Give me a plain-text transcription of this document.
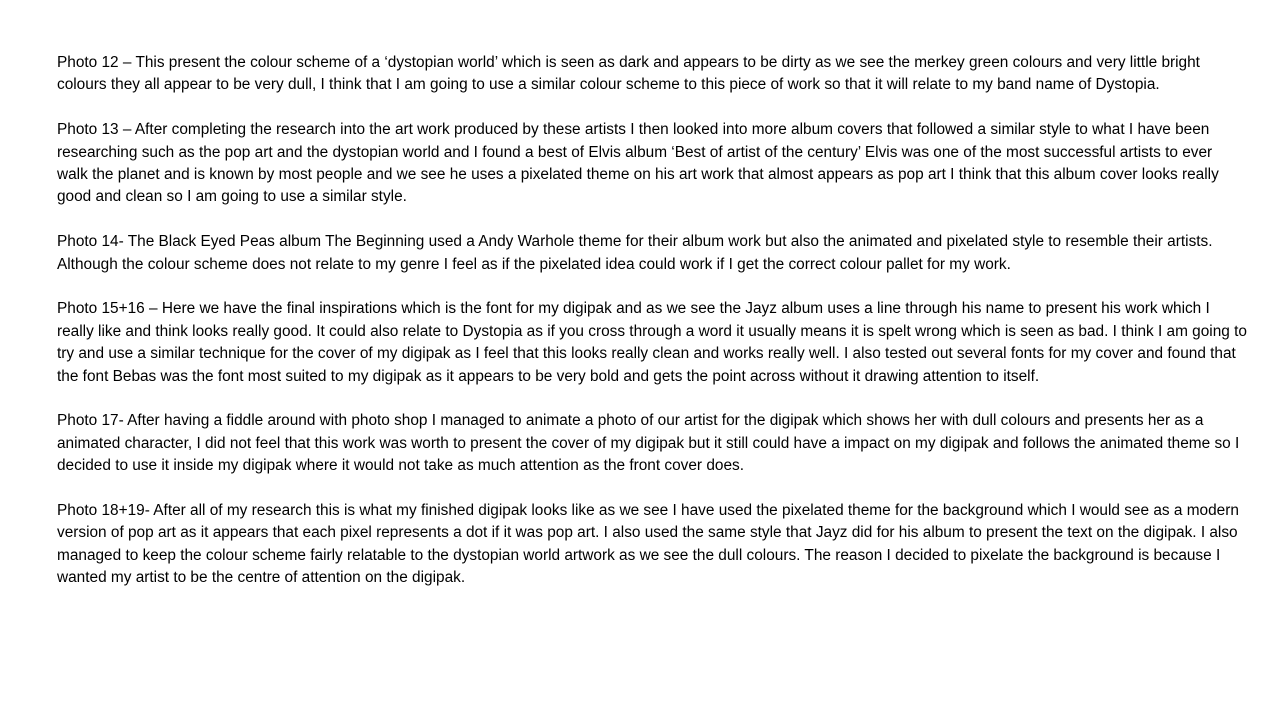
Photo 12 – This present the colour scheme of a ‘dystopian world’ which is seen as dark and appears to be dirty as we see the merkey green colours and very little bright colours they all appear to be very dull, I think that I am going to use a similar colour scheme to this piece of work so that it will relate to my band name of Dystopia.

Photo 13 – After completing the research into the art work produced by these artists I then looked into more album covers that followed a similar style to what I have been researching such as the pop art and the dystopian world and I found a best of Elvis album ‘Best of artist of the century’ Elvis was one of the most successful artists to ever walk the planet and is known by most people and we see he uses a pixelated theme on his art work that almost appears as pop art I think that this album cover looks really good and clean so I am going to use a similar style.

Photo 14- The Black Eyed Peas album The Beginning used a Andy Warhole theme for their album work but also the animated and pixelated style to resemble their artists. Although the colour scheme does not relate to my genre I feel as if the pixelated idea could work if I get the correct colour pallet for my work.

Photo 15+16 – Here we have the final inspirations which is the font for my digipak and as we see the Jayz album uses a line through his name to present his work which I really like and think looks really good. It could also relate to Dystopia as if you cross through a word it usually means it is spelt wrong which is seen as bad. I think I am going to try and use a similar technique for the cover of my digipak as I feel that this looks really clean and works really well. I also tested out several fonts for my cover and found that the font Bebas was the font most suited to my digipak as it appears to be very bold and gets the point across without it drawing attention to itself.

Photo 17- After having a fiddle around with photo shop I managed to animate a photo of our artist for the digipak which shows her with dull colours and presents her as a animated character, I did not feel that this work was worth to present the cover of my digipak but it still could have a impact on my digipak and follows the animated theme so I decided to use it inside my digipak where it would not take as much attention as the front cover does.

Photo 18+19- After all of my research this is what my finished digipak looks like as we see I have used the pixelated theme for the background which I would see as a modern version of pop art as it appears that each pixel represents a dot if it was pop art. I also used the same style that Jayz did for his album to present the text on the digipak. I also managed to keep the colour scheme fairly relatable to the dystopian world artwork as we see the dull colours. The reason I decided to pixelate the background is because I wanted my artist to be the centre of attention on the digipak.
